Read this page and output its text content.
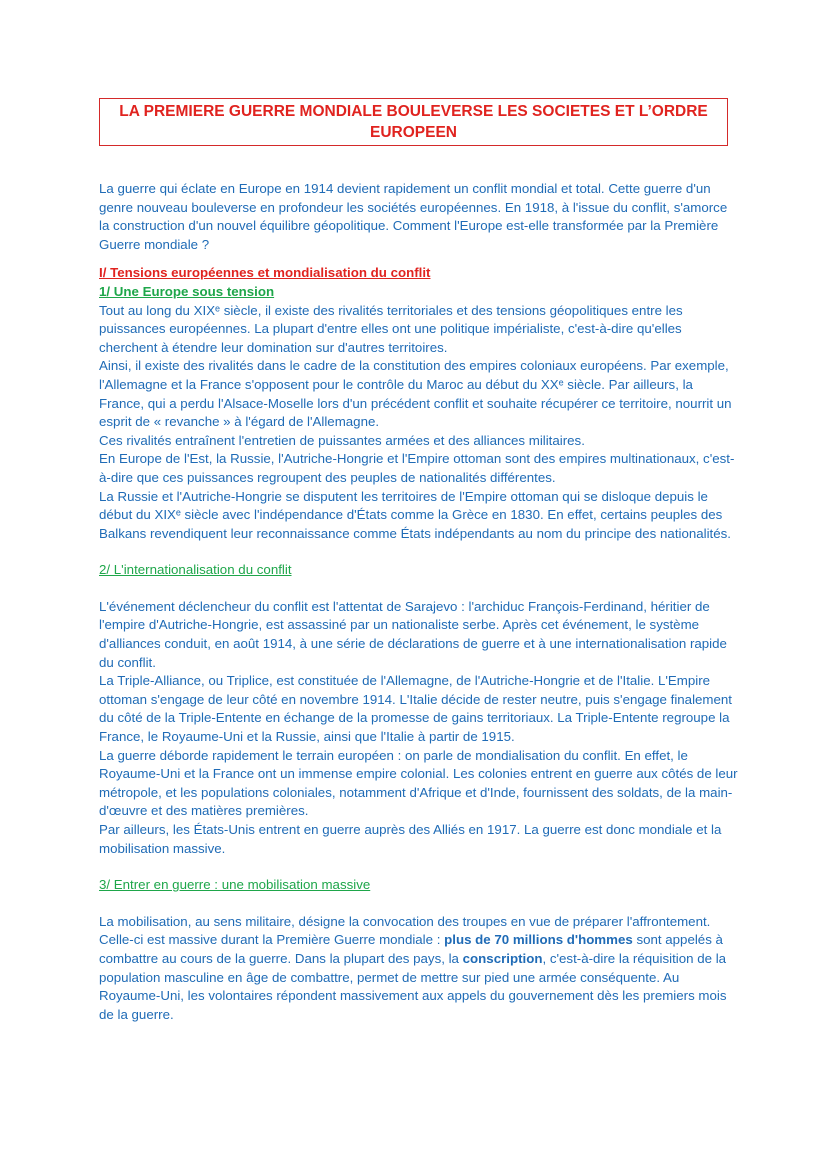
LA PREMIERE GUERRE MONDIALE BOULEVERSE LES SOCIETES ET L’ORDRE
EUROPEEN

La guerre qui éclate en Europe en 1914 devient rapidement un conflit mondial et total. Cette guerre d'un genre nouveau bouleverse en profondeur les sociétés européennes. En 1918, à l'issue du conflit, s'amorce la construction d'un nouvel équilibre géopolitique. Comment l'Europe est-elle transformée par la Première Guerre mondiale ?

I/ Tensions européennes et mondialisation du conflit

1/ Une Europe sous tension

Tout au long du XIXᵉ siècle, il existe des rivalités territoriales et des tensions géopolitiques entre les puissances européennes. La plupart d'entre elles ont une politique impérialiste, c'est-à-dire qu'elles cherchent à étendre leur domination sur d'autres territoires.

Ainsi, il existe des rivalités dans le cadre de la constitution des empires coloniaux européens. Par exemple, l'Allemagne et la France s'opposent pour le contrôle du Maroc au début du XXᵉ siècle. Par ailleurs, la France, qui a perdu l'Alsace-Moselle lors d'un précédent conflit et souhaite récupérer ce territoire, nourrit un esprit de « revanche » à l'égard de l'Allemagne.

Ces rivalités entraînent l'entretien de puissantes armées et des alliances militaires.

En Europe de l'Est, la Russie, l'Autriche-Hongrie et l'Empire ottoman sont des empires multinationaux, c'est-à-dire que ces puissances regroupent des peuples de nationalités différentes.

La Russie et l'Autriche-Hongrie se disputent les territoires de l'Empire ottoman qui se disloque depuis le début du XIXᵉ siècle avec l'indépendance d'États comme la Grèce en 1830. En effet, certains peuples des Balkans revendiquent leur reconnaissance comme États indépendants au nom du principe des nationalités.

2/ L'internationalisation du conflit

L'événement déclencheur du conflit est l'attentat de Sarajevo : l'archiduc François-Ferdinand, héritier de l'empire d'Autriche-Hongrie, est assassiné par un nationaliste serbe. Après cet événement, le système d'alliances conduit, en août 1914, à une série de déclarations de guerre et à une internationalisation rapide du conflit.

La Triple-Alliance, ou Triplice, est constituée de l'Allemagne, de l'Autriche-Hongrie et de l'Italie. L'Empire ottoman s'engage de leur côté en novembre 1914. L'Italie décide de rester neutre, puis s'engage finalement du côté de la Triple-Entente en échange de la promesse de gains territoriaux. La Triple-Entente regroupe la France, le Royaume-Uni et la Russie, ainsi que l'Italie à partir de 1915.

La guerre déborde rapidement le terrain européen : on parle de mondialisation du conflit. En effet, le Royaume-Uni et la France ont un immense empire colonial. Les colonies entrent en guerre aux côtés de leur métropole, et les populations coloniales, notamment d'Afrique et d'Inde, fournissent des soldats, de la main-d'œuvre et des matières premières.

Par ailleurs, les États-Unis entrent en guerre auprès des Alliés en 1917. La guerre est donc mondiale et la mobilisation massive.

3/ Entrer en guerre : une mobilisation massive

La mobilisation, au sens militaire, désigne la convocation des troupes en vue de préparer l'affrontement. Celle-ci est massive durant la Première Guerre mondiale : plus de 70 millions d'hommes sont appelés à combattre au cours de la guerre. Dans la plupart des pays, la conscription, c'est-à-dire la réquisition de la population masculine en âge de combattre, permet de mettre sur pied une armée conséquente. Au Royaume-Uni, les volontaires répondent massivement aux appels du gouvernement dès les premiers mois de la guerre.
